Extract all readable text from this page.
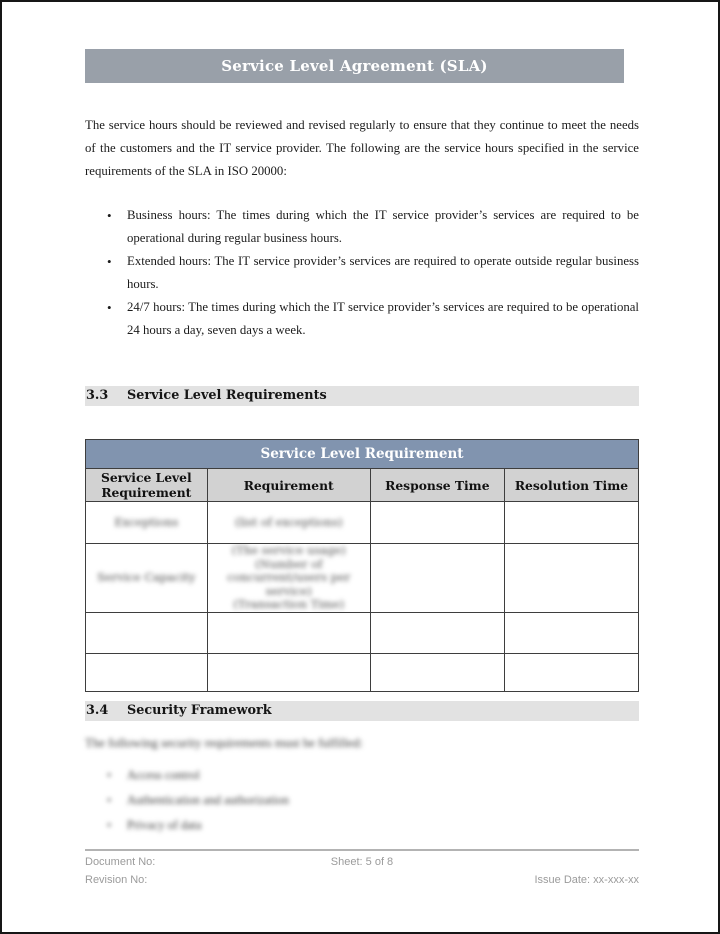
Service Level Agreement (SLA)
The service hours should be reviewed and revised regularly to ensure that they continue to meet the needs of the customers and the IT service provider. The following are the service hours specified in the service requirements of the SLA in ISO 20000:
• Business hours: The times during which the IT service provider’s services are required to be operational during regular business hours.
• Extended hours: The IT service provider’s services are required to operate outside regular business hours.
• 24/7 hours: The times during which the IT service provider’s services are required to be operational 24 hours a day, seven days a week.
3.3	Service Level Requirements
Service Level Requirement			
Service Level Requirement	Requirement	Response Time	Resolution Time

Exceptions	(list of exceptions)		

Service Capacity	(The service usage)
(Number of concurrent/users per
service)
(Transaction Time)		

3.4	Security Framework
The following security requirements must be fulfilled:
• Access control
• Authentication and authorization
• Privacy of data
Document No:	Sheet: 5 of 8
Revision No:	Issue Date: xx-xxx-xx
